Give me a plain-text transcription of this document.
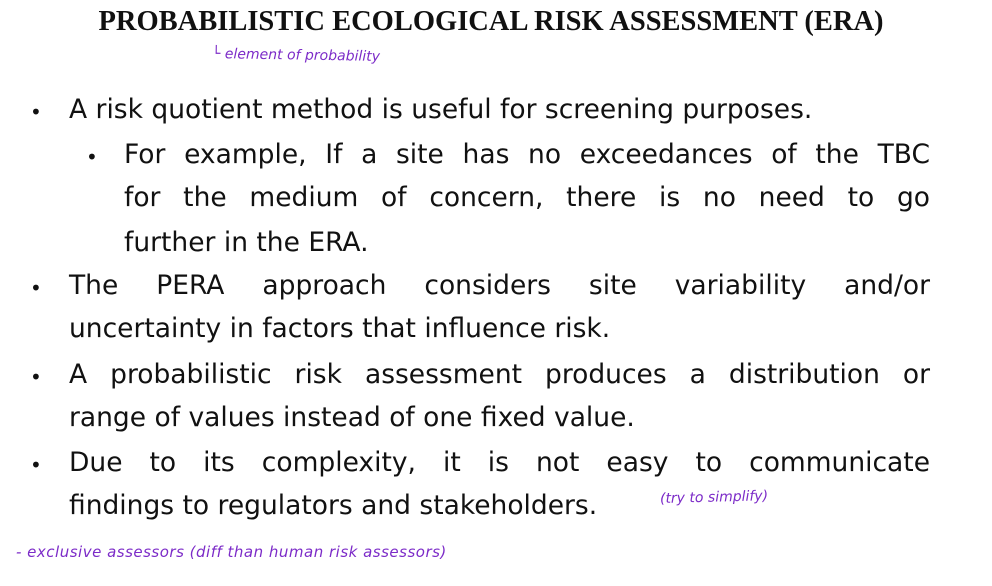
PROBABILISTIC ECOLOGICAL RISK ASSESSMENT (ERA)
└ element of probability
• A risk quotient method is useful for screening purposes.
• For example, If a site has no exceedances of the TBC
for the medium of concern, there is no need to go
further in the ERA.
• The PERA approach considers site variability and/or
uncertainty in factors that influence risk.
• A probabilistic risk assessment produces a distribution or
range of values instead of one fixed value.
• Due to its complexity, it is not easy to communicate
findings to regulators and stakeholders.	(try to simplify)
- exclusive assessors (diff than human risk assessors)
